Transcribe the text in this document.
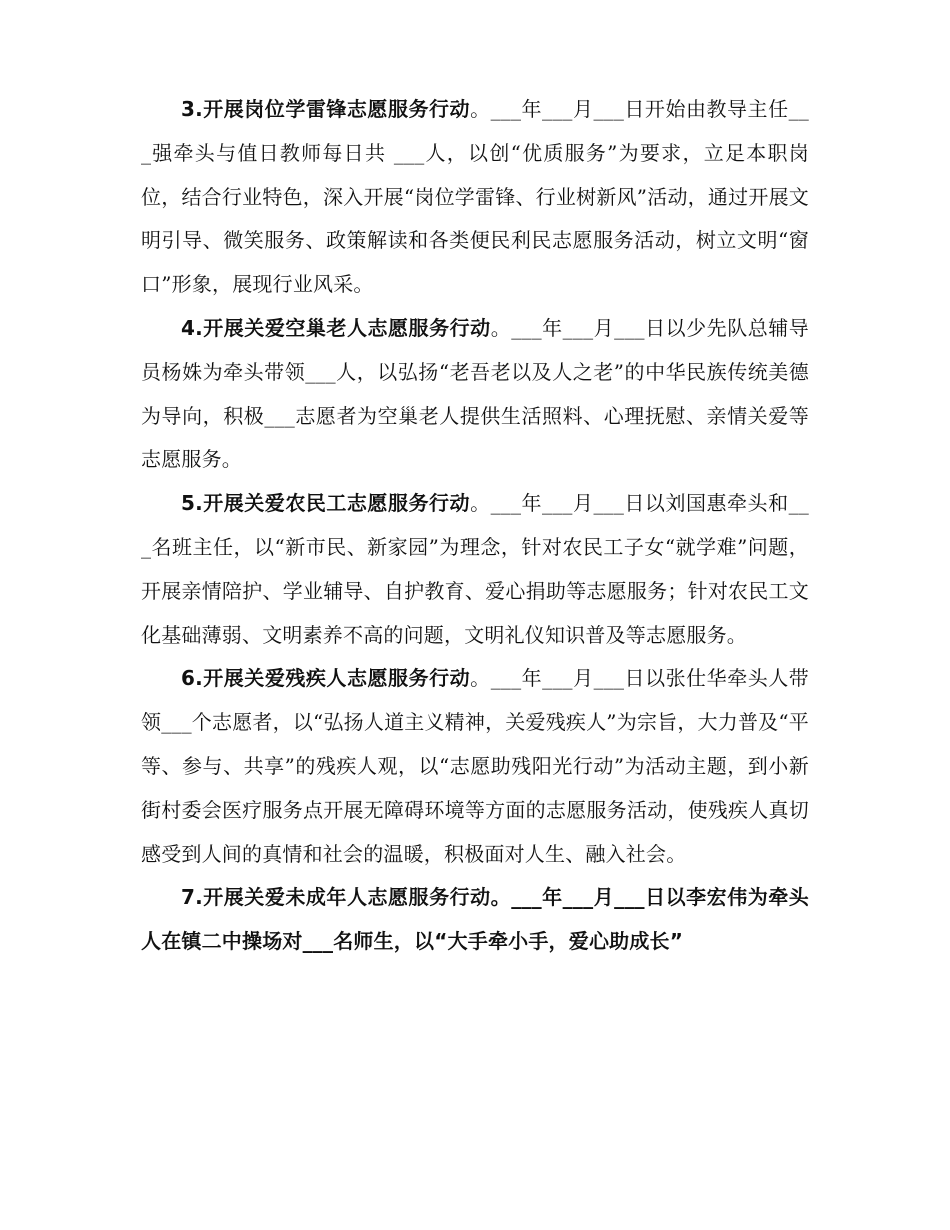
3.开展岗位学雷锋志愿服务行动。___年___月___日开始由教导主任___强牵头与值日教师每日共 ___人，以创“优质服务”为要求，立足本职岗位，结合行业特色，深入开展“岗位学雷锋、行业树新风”活动，通过开展文明引导、微笑服务、政策解读和各类便民利民志愿服务活动，树立文明“窗口”形象，展现行业风采。

4.开展关爱空巢老人志愿服务行动。___年___月___日以少先队总辅导员杨姝为牵头带领___人，以弘扬“老吾老以及人之老”的中华民族传统美德为导向，积极___志愿者为空巢老人提供生活照料、心理抚慰、亲情关爱等志愿服务。

5.开展关爱农民工志愿服务行动。___年___月___日以刘国惠牵头和___名班主任，以“新市民、新家园”为理念，针对农民工子女“就学难”问题，开展亲情陪护、学业辅导、自护教育、爱心捐助等志愿服务；针对农民工文化基础薄弱、文明素养不高的问题，文明礼仪知识普及等志愿服务。

6.开展关爱残疾人志愿服务行动。___年___月___日以张仕华牵头人带领___个志愿者，以“弘扬人道主义精神，关爱残疾人”为宗旨，大力普及“平等、参与、共享”的残疾人观，以“志愿助残阳光行动”为活动主题，到小新街村委会医疗服务点开展无障碍环境等方面的志愿服务活动，使残疾人真切感受到人间的真情和社会的温暖，积极面对人生、融入社会。

7.开展关爱未成年人志愿服务行动。___年___月___日以李宏伟为牵头人在镇二中操场对___名师生，以“大手牵小手，爱心助成长”
